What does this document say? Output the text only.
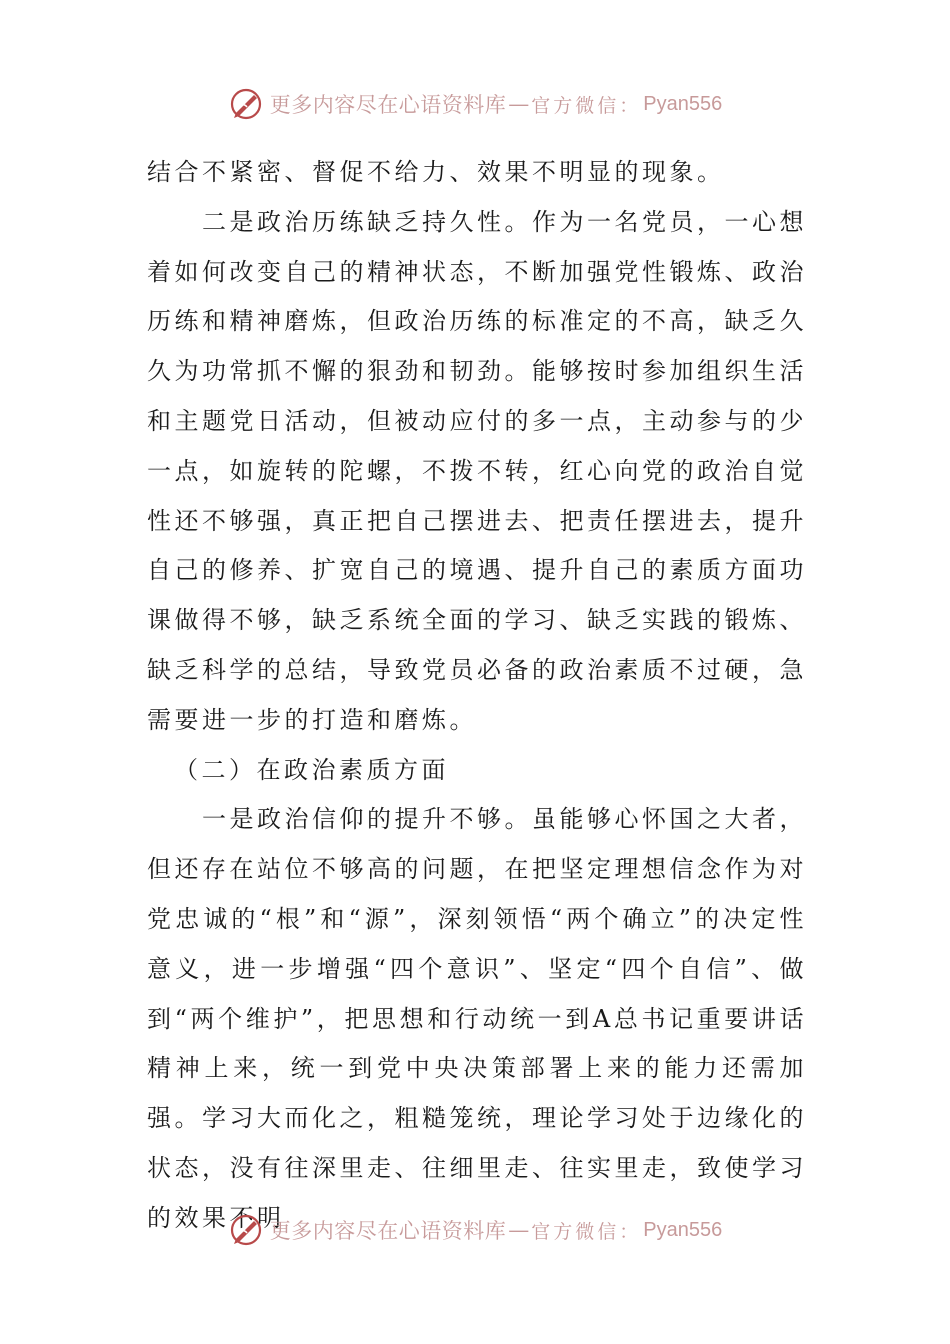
更多内容尽在心语资料库 — 官方微信： Pyan556

结合不紧密、督促不给力、效果不明显的现象。

二是政治历练缺乏持久性。作为一名党员，一心想着如何改变自己的精神状态，不断加强党性锻炼、政治历练和精神磨炼，但政治历练的标准定的不高，缺乏久久为功常抓不懈的狠劲和韧劲。能够按时参加组织生活和主题党日活动，但被动应付的多一点，主动参与的少一点，如旋转的陀螺，不拨不转，红心向党的政治自觉性还不够强，真正把自己摆进去、把责任摆进去，提升自己的修养、扩宽自己的境遇、提升自己的素质方面功课做得不够，缺乏系统全面的学习、缺乏实践的锻炼、缺乏科学的总结，导致党员必备的政治素质不过硬，急需要进一步的打造和磨炼。

（二）在政治素质方面

一是政治信仰的提升不够。虽能够心怀国之大者，但还存在站位不够高的问题，在把坚定理想信念作为对党忠诚的“根”和“源”，深刻领悟“两个确立”的决定性意义，进一步增强“四个意识”、坚定“四个自信”、做到“两个维护”，把思想和行动统一到A总书记重要讲话精神上来，统一到党中央决策部署上来的能力还需加强。学习大而化之，粗糙笼统，理论学习处于边缘化的状态，没有往深里走、往细里走、往实里走，致使学习的效果不明

更多内容尽在心语资料库 — 官方微信： Pyan556
